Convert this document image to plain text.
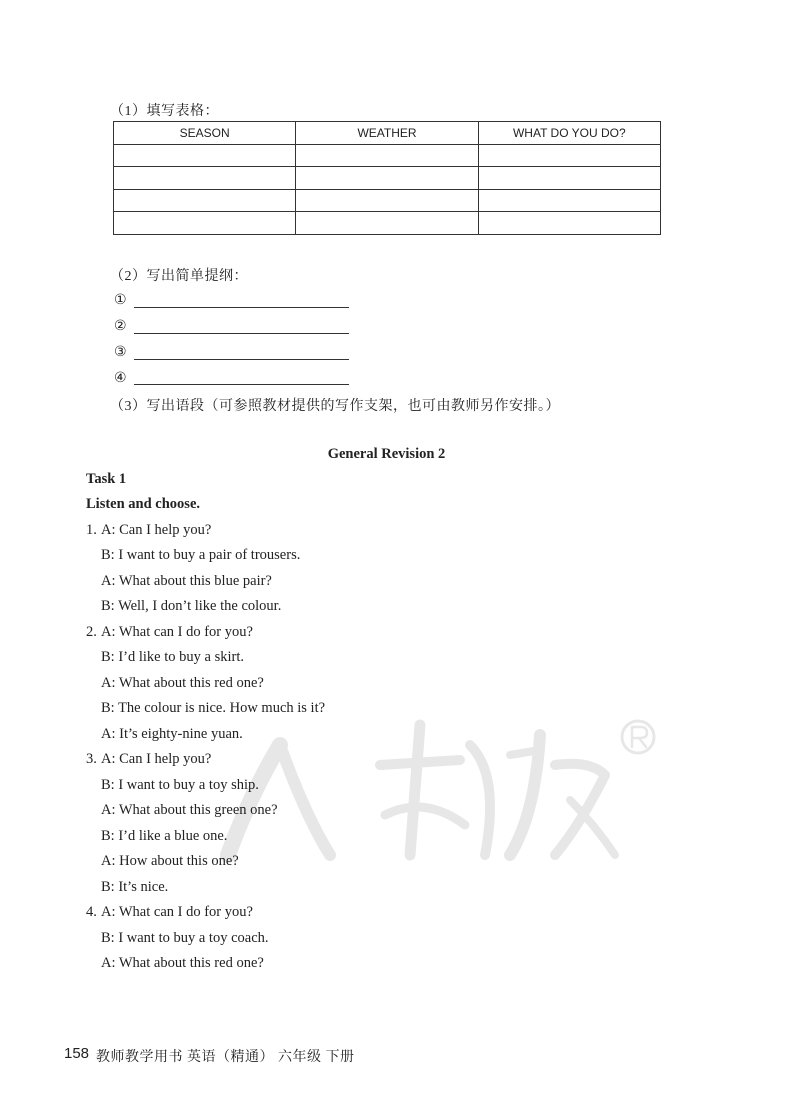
（1）填写表格：
SEASON	WEATHER	WHAT DO YOU DO?

（2）写出简单提纲：
①
②
③
④
（3）写出语段（可参照教材提供的写作支架，也可由教师另作安排。）
General Revision 2
Task 1
Listen and choose.
1. A: Can I help you?
B: I want to buy a pair of trousers.
A: What about this blue pair?
B: Well, I don’t like the colour.
2. A: What can I do for you?
B: I’d like to buy a skirt.
A: What about this red one?
B: The colour is nice. How much is it?
A: It’s eighty-nine yuan.
3. A: Can I help you?
B: I want to buy a toy ship.
A: What about this green one?
B: I’d like a blue one.
A: How about this one?
B: It’s nice.
4. A: What can I do for you?
B: I want to buy a toy coach.
A: What about this red one?
158 教师教学用书 英语（精通） 六年级 下册
